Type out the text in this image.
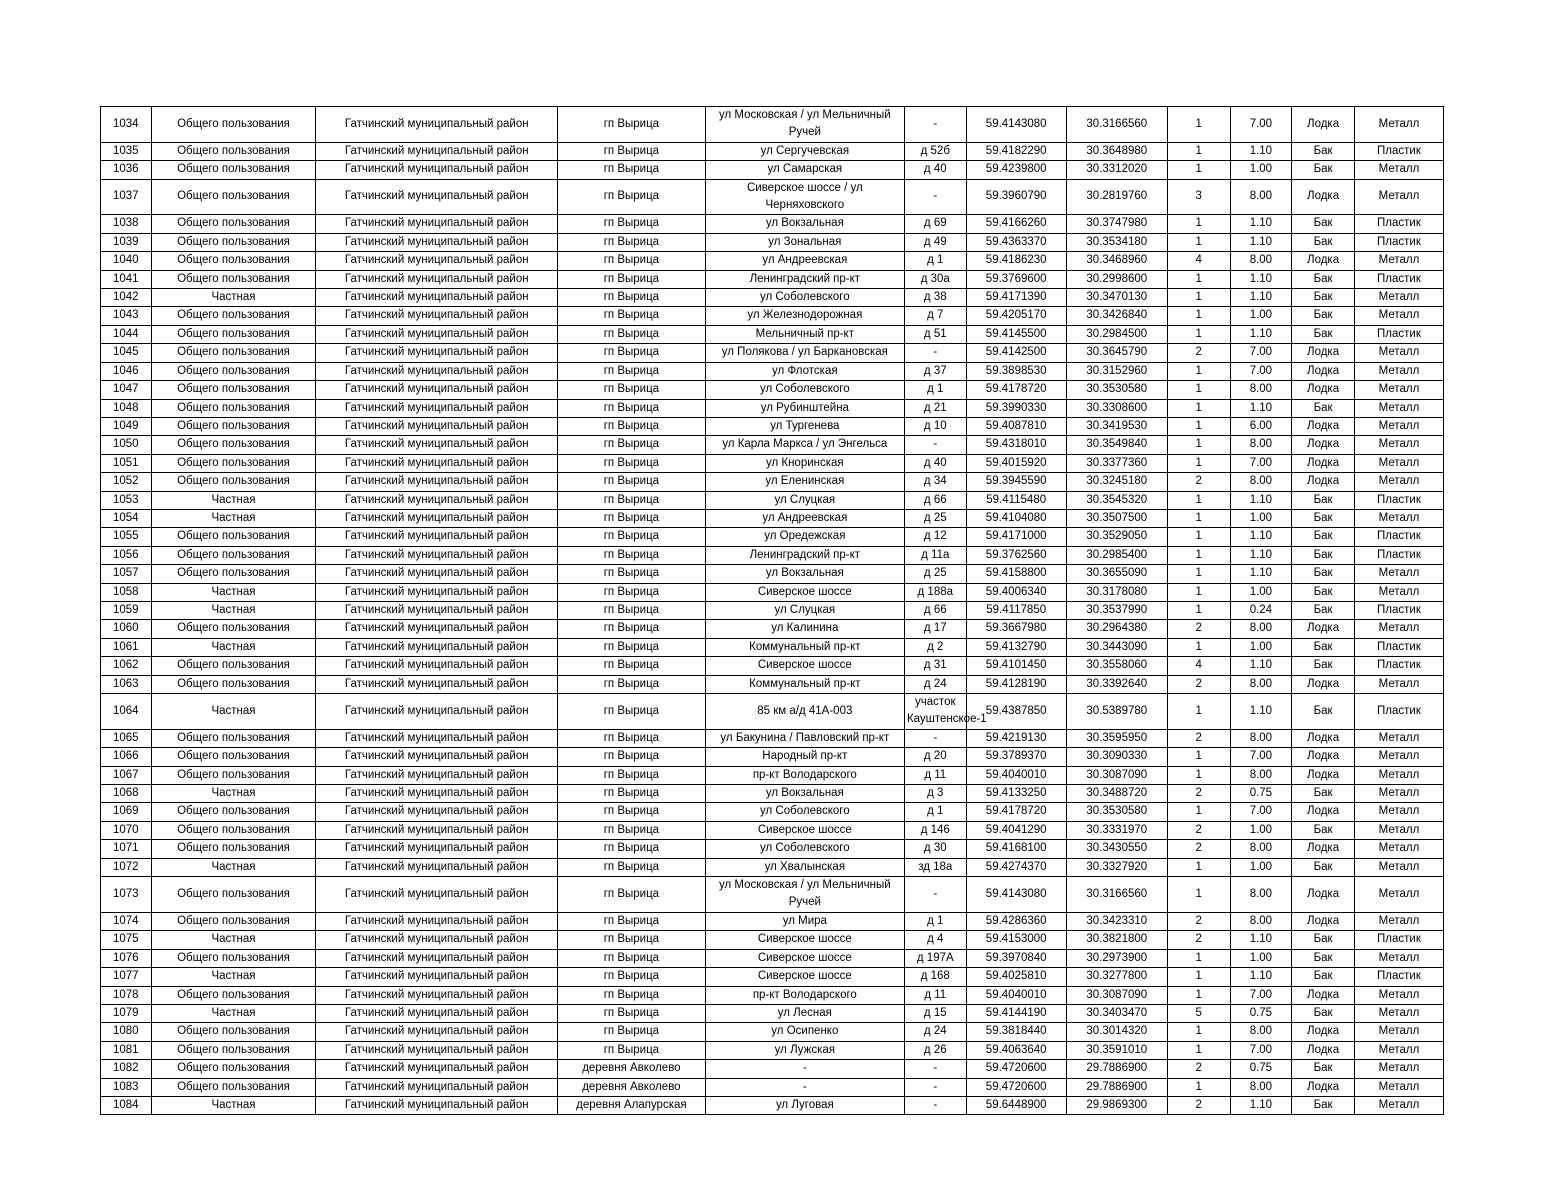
1034	Общего пользования	Гатчинский муниципальный район	гп Вырица	ул Московская / ул Мельничный Ручей	-	59.4143080	30.3166560	1	7.00	Лодка	Металл
1035	Общего пользования	Гатчинский муниципальный район	гп Вырица	ул Сергучевская	д 52б	59.4182290	30.3648980	1	1.10	Бак	Пластик
1036	Общего пользования	Гатчинский муниципальный район	гп Вырица	ул Самарская	д 40	59.4239800	30.3312020	1	1.00	Бак	Металл
1037	Общего пользования	Гатчинский муниципальный район	гп Вырица	Сиверское шоссе / ул Черняховского	-	59.3960790	30.2819760	3	8.00	Лодка	Металл
1038	Общего пользования	Гатчинский муниципальный район	гп Вырица	ул Вокзальная	д 69	59.4166260	30.3747980	1	1.10	Бак	Пластик
1039	Общего пользования	Гатчинский муниципальный район	гп Вырица	ул Зональная	д 49	59.4363370	30.3534180	1	1.10	Бак	Пластик
1040	Общего пользования	Гатчинский муниципальный район	гп Вырица	ул Андреевская	д 1	59.4186230	30.3468960	4	8.00	Лодка	Металл
1041	Общего пользования	Гатчинский муниципальный район	гп Вырица	Ленинградский пр-кт	д 30а	59.3769600	30.2998600	1	1.10	Бак	Пластик
1042	Частная	Гатчинский муниципальный район	гп Вырица	ул Соболевского	д 38	59.4171390	30.3470130	1	1.10	Бак	Металл
1043	Общего пользования	Гатчинский муниципальный район	гп Вырица	ул Железнодорожная	д 7	59.4205170	30.3426840	1	1.00	Бак	Металл
1044	Общего пользования	Гатчинский муниципальный район	гп Вырица	Мельничный пр-кт	д 51	59.4145500	30.2984500	1	1.10	Бак	Пластик
1045	Общего пользования	Гатчинский муниципальный район	гп Вырица	ул Полякова / ул Баркановская	-	59.4142500	30.3645790	2	7.00	Лодка	Металл
1046	Общего пользования	Гатчинский муниципальный район	гп Вырица	ул Флотская	д 37	59.3898530	30.3152960	1	7.00	Лодка	Металл
1047	Общего пользования	Гатчинский муниципальный район	гп Вырица	ул Соболевского	д 1	59.4178720	30.3530580	1	8.00	Лодка	Металл
1048	Общего пользования	Гатчинский муниципальный район	гп Вырица	ул Рубинштейна	д 21	59.3990330	30.3308600	1	1.10	Бак	Металл
1049	Общего пользования	Гатчинский муниципальный район	гп Вырица	ул Тургенева	д 10	59.4087810	30.3419530	1	6.00	Лодка	Металл
1050	Общего пользования	Гатчинский муниципальный район	гп Вырица	ул Карла Маркса / ул Энгельса	-	59.4318010	30.3549840	1	8.00	Лодка	Металл
1051	Общего пользования	Гатчинский муниципальный район	гп Вырица	ул Кноринская	д 40	59.4015920	30.3377360	1	7.00	Лодка	Металл
1052	Общего пользования	Гатчинский муниципальный район	гп Вырица	ул Еленинская	д 34	59.3945590	30.3245180	2	8.00	Лодка	Металл
1053	Частная	Гатчинский муниципальный район	гп Вырица	ул Слуцкая	д 66	59.4115480	30.3545320	1	1.10	Бак	Пластик
1054	Частная	Гатчинский муниципальный район	гп Вырица	ул Андреевская	д 25	59.4104080	30.3507500	1	1.00	Бак	Металл
1055	Общего пользования	Гатчинский муниципальный район	гп Вырица	ул Оредежская	д 12	59.4171000	30.3529050	1	1.10	Бак	Пластик
1056	Общего пользования	Гатчинский муниципальный район	гп Вырица	Ленинградский пр-кт	д 11а	59.3762560	30.2985400	1	1.10	Бак	Пластик
1057	Общего пользования	Гатчинский муниципальный район	гп Вырица	ул Вокзальная	д 25	59.4158800	30.3655090	1	1.10	Бак	Металл
1058	Частная	Гатчинский муниципальный район	гп Вырица	Сиверское шоссе	д 188а	59.4006340	30.3178080	1	1.00	Бак	Металл
1059	Частная	Гатчинский муниципальный район	гп Вырица	ул Слуцкая	д 66	59.4117850	30.3537990	1	0.24	Бак	Пластик
1060	Общего пользования	Гатчинский муниципальный район	гп Вырица	ул Калинина	д 17	59.3667980	30.2964380	2	8.00	Лодка	Металл
1061	Частная	Гатчинский муниципальный район	гп Вырица	Коммунальный пр-кт	д 2	59.4132790	30.3443090	1	1.00	Бак	Пластик
1062	Общего пользования	Гатчинский муниципальный район	гп Вырица	Сиверское шоссе	д 31	59.4101450	30.3558060	4	1.10	Бак	Пластик
1063	Общего пользования	Гатчинский муниципальный район	гп Вырица	Коммунальный пр-кт	д 24	59.4128190	30.3392640	2	8.00	Лодка	Металл
1064	Частная	Гатчинский муниципальный район	гп Вырица	85 км а/д 41А-003	участок Кауштенское-1	59.4387850	30.5389780	1	1.10	Бак	Пластик
1065	Общего пользования	Гатчинский муниципальный район	гп Вырица	ул Бакунина / Павловский пр-кт	-	59.4219130	30.3595950	2	8.00	Лодка	Металл
1066	Общего пользования	Гатчинский муниципальный район	гп Вырица	Народный пр-кт	д 20	59.3789370	30.3090330	1	7.00	Лодка	Металл
1067	Общего пользования	Гатчинский муниципальный район	гп Вырица	пр-кт Володарского	д 11	59.4040010	30.3087090	1	8.00	Лодка	Металл
1068	Частная	Гатчинский муниципальный район	гп Вырица	ул Вокзальная	д 3	59.4133250	30.3488720	2	0.75	Бак	Металл
1069	Общего пользования	Гатчинский муниципальный район	гп Вырица	ул Соболевского	д 1	59.4178720	30.3530580	1	7.00	Лодка	Металл
1070	Общего пользования	Гатчинский муниципальный район	гп Вырица	Сиверское шоссе	д 146	59.4041290	30.3331970	2	1.00	Бак	Металл
1071	Общего пользования	Гатчинский муниципальный район	гп Вырица	ул Соболевского	д 30	59.4168100	30.3430550	2	8.00	Лодка	Металл
1072	Частная	Гатчинский муниципальный район	гп Вырица	ул Хвалынская	зд 18а	59.4274370	30.3327920	1	1.00	Бак	Металл
1073	Общего пользования	Гатчинский муниципальный район	гп Вырица	ул Московская / ул Мельничный Ручей	-	59.4143080	30.3166560	1	8.00	Лодка	Металл
1074	Общего пользования	Гатчинский муниципальный район	гп Вырица	ул Мира	д 1	59.4286360	30.3423310	2	8.00	Лодка	Металл
1075	Частная	Гатчинский муниципальный район	гп Вырица	Сиверское шоссе	д 4	59.4153000	30.3821800	2	1.10	Бак	Пластик
1076	Общего пользования	Гатчинский муниципальный район	гп Вырица	Сиверское шоссе	д 197А	59.3970840	30.2973900	1	1.00	Бак	Металл
1077	Частная	Гатчинский муниципальный район	гп Вырица	Сиверское шоссе	д 168	59.4025810	30.3277800	1	1.10	Бак	Пластик
1078	Общего пользования	Гатчинский муниципальный район	гп Вырица	пр-кт Володарского	д 11	59.4040010	30.3087090	1	7.00	Лодка	Металл
1079	Частная	Гатчинский муниципальный район	гп Вырица	ул Лесная	д 15	59.4144190	30.3403470	5	0.75	Бак	Металл
1080	Общего пользования	Гатчинский муниципальный район	гп Вырица	ул Осипенко	д 24	59.3818440	30.3014320	1	8.00	Лодка	Металл
1081	Общего пользования	Гатчинский муниципальный район	гп Вырица	ул Лужская	д 26	59.4063640	30.3591010	1	7.00	Лодка	Металл
1082	Общего пользования	Гатчинский муниципальный район	деревня Авколево	-	-	59.4720600	29.7886900	2	0.75	Бак	Металл
1083	Общего пользования	Гатчинский муниципальный район	деревня Авколево	-	-	59.4720600	29.7886900	1	8.00	Лодка	Металл
1084	Частная	Гатчинский муниципальный район	деревня Алапурская	ул Луговая	-	59.6448900	29.9869300	2	1.10	Бак	Металл
